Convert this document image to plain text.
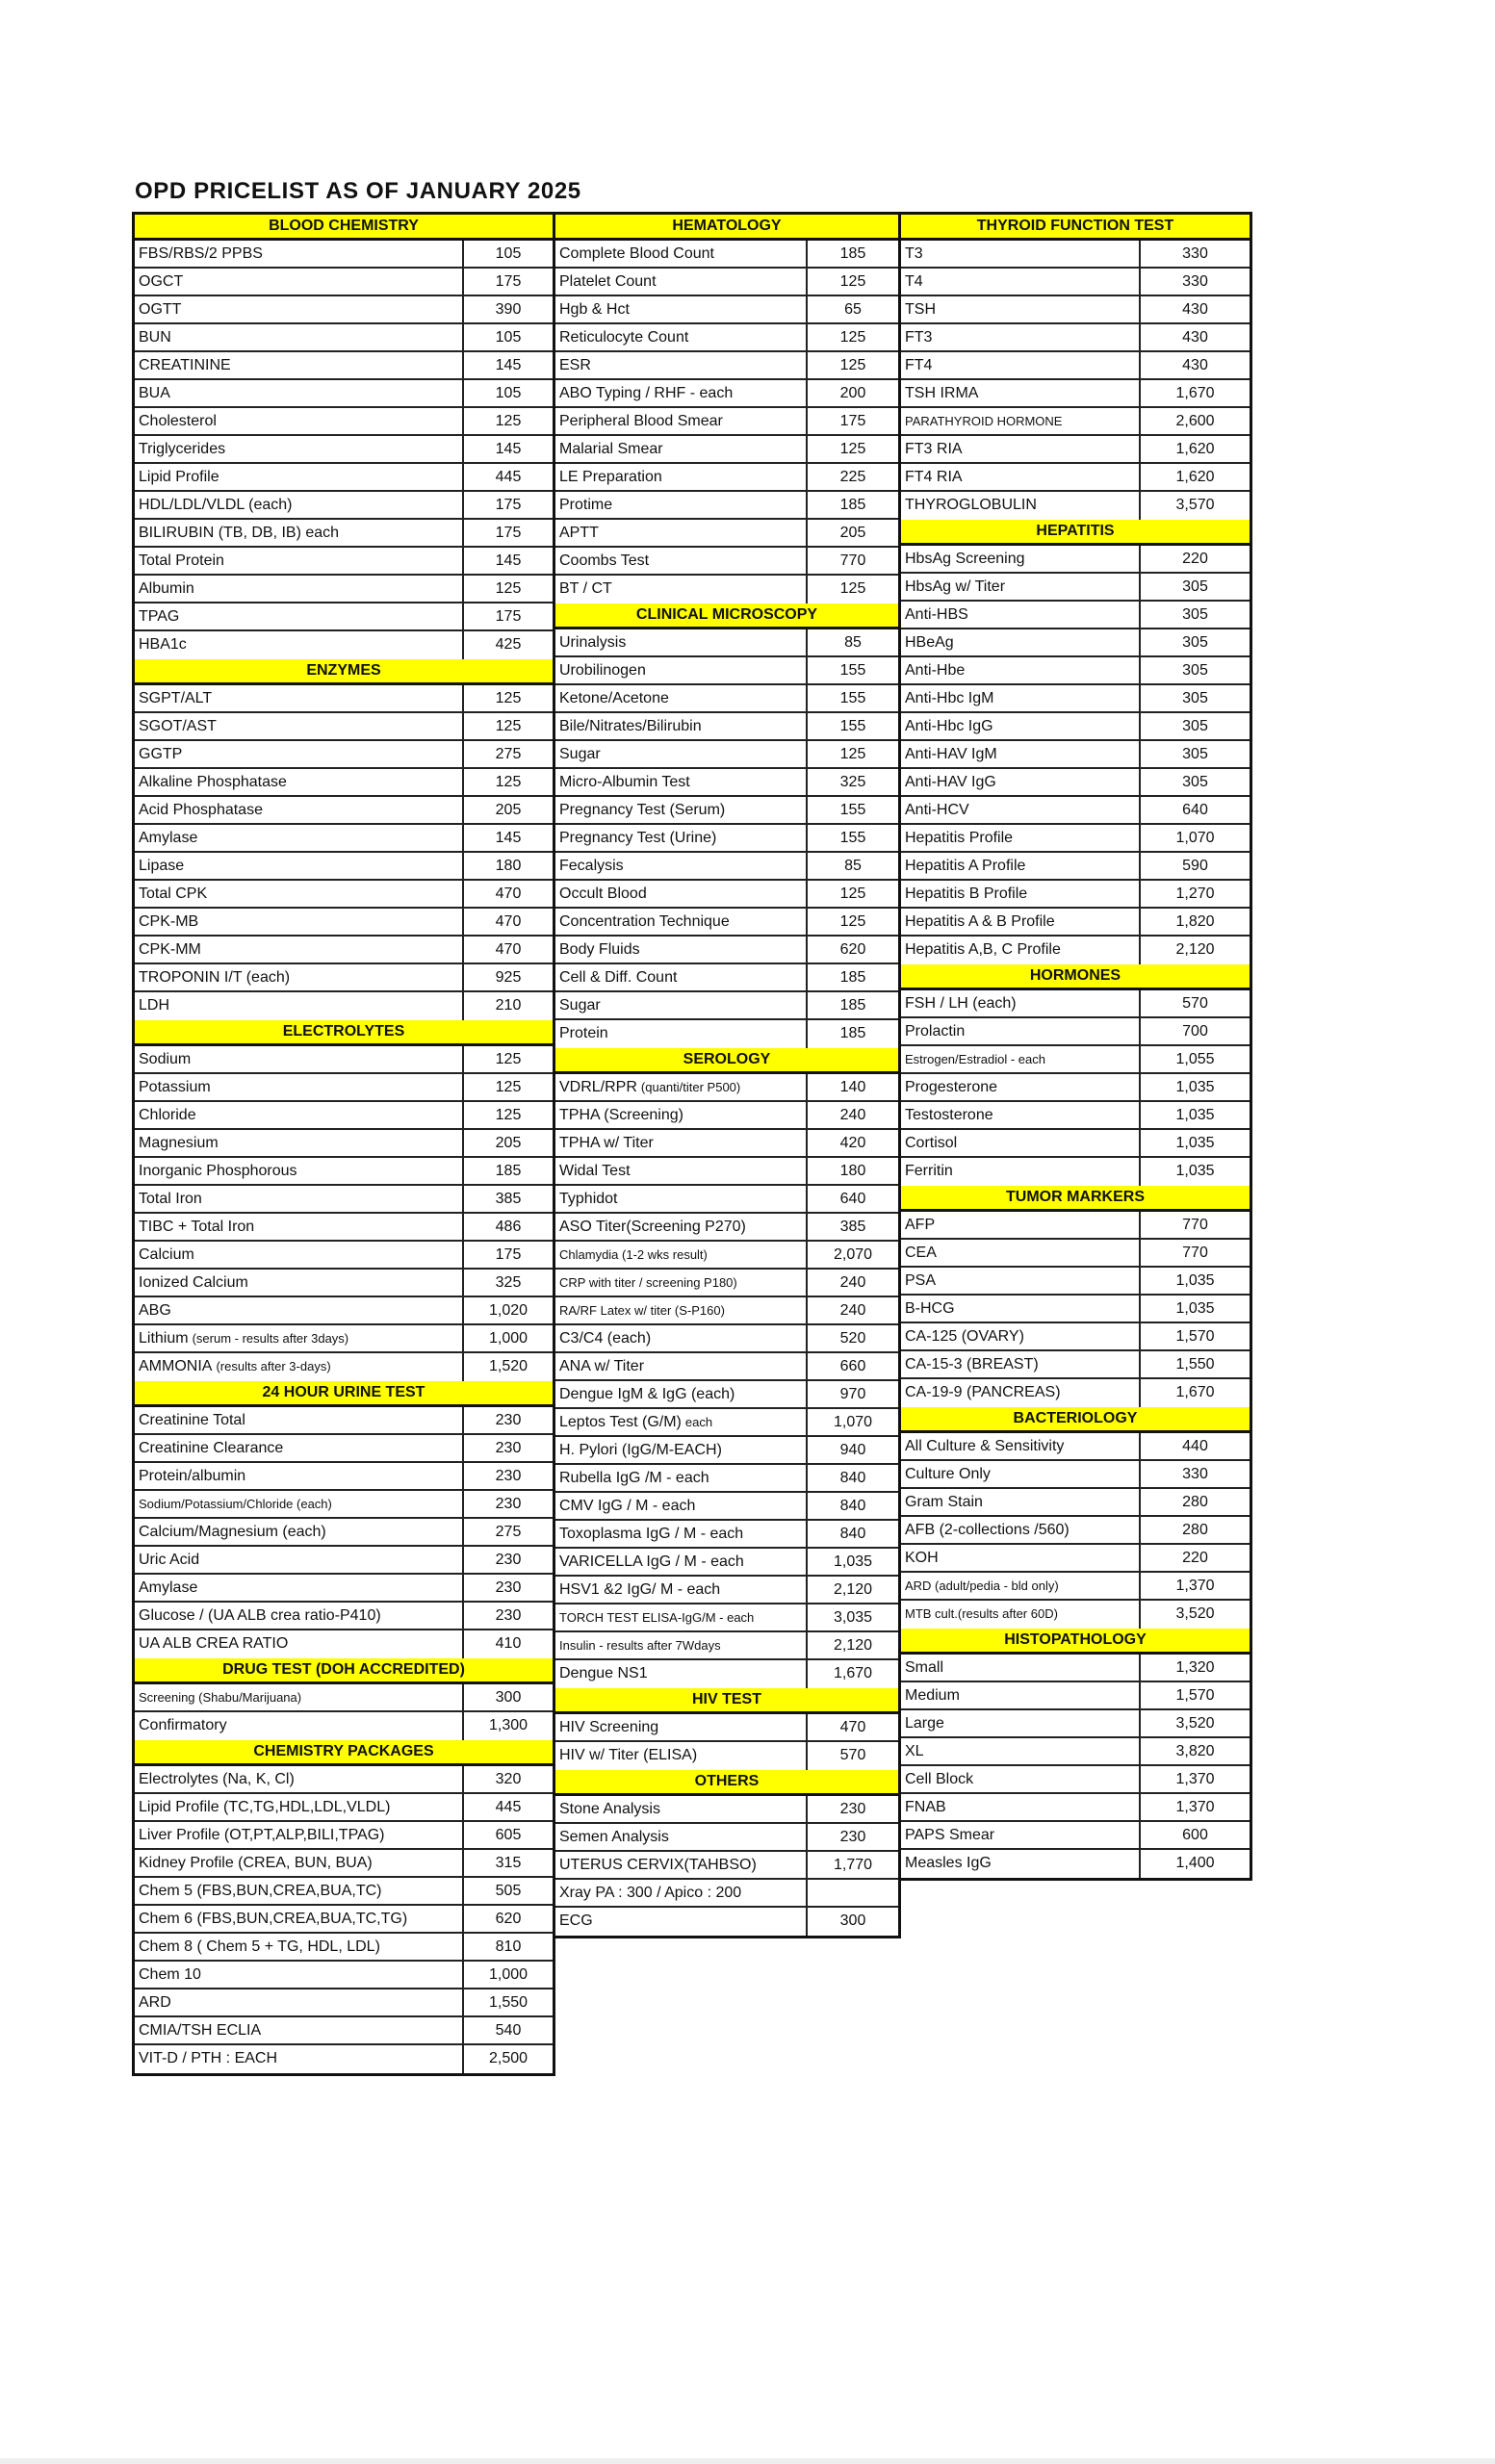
OPD PRICELIST AS OF JANUARY 2025
BLOOD CHEMISTRY
FBS/RBS/2 PPBS	105
OGCT	175
OGTT	390
BUN	105
CREATININE	145
BUA	105
Cholesterol	125
Triglycerides	145
Lipid Profile	445
HDL/LDL/VLDL (each)	175
BILIRUBIN (TB, DB, IB) each	175
Total Protein	145
Albumin	125
TPAG	175
HBA1c	425
ENZYMES
SGPT/ALT	125
SGOT/AST	125
GGTP	275
Alkaline Phosphatase	125
Acid Phosphatase	205
Amylase	145
Lipase	180
Total CPK	470
CPK-MB	470
CPK-MM	470
TROPONIN I/T (each)	925
LDH	210
ELECTROLYTES
Sodium	125
Potassium	125
Chloride	125
Magnesium	205
Inorganic Phosphorous	185
Total Iron	385
TIBC + Total Iron	486
Calcium	175
Ionized Calcium	325
ABG	1,020
Lithium (serum - results after 3days)	1,000
AMMONIA (results after 3-days)	1,520
24 HOUR URINE TEST
Creatinine Total	230
Creatinine Clearance	230
Protein/albumin	230
Sodium/Potassium/Chloride (each)	230
Calcium/Magnesium (each)	275
Uric Acid	230
Amylase	230
Glucose / (UA ALB crea ratio-P410)	230
UA ALB CREA RATIO	410
DRUG TEST (DOH ACCREDITED)
Screening (Shabu/Marijuana)	300
Confirmatory	1,300
CHEMISTRY PACKAGES
Electrolytes (Na, K, Cl)	320
Lipid Profile (TC,TG,HDL,LDL,VLDL)	445
Liver Profile (OT,PT,ALP,BILI,TPAG)	605
Kidney Profile (CREA, BUN, BUA)	315
Chem 5 (FBS,BUN,CREA,BUA,TC)	505
Chem 6 (FBS,BUN,CREA,BUA,TC,TG)	620
Chem 8 ( Chem 5 + TG, HDL, LDL)	810
Chem 10	1,000
ARD	1,550
CMIA/TSH ECLIA	540
VIT-D / PTH : EACH	2,500
HEMATOLOGY
Complete Blood Count	185
Platelet Count	125
Hgb & Hct	65
Reticulocyte Count	125
ESR	125
ABO Typing / RHF - each	200
Peripheral Blood Smear	175
Malarial Smear	125
LE Preparation	225
Protime	185
APTT	205
Coombs Test	770
BT / CT	125
CLINICAL MICROSCOPY
Urinalysis	85
Urobilinogen	155
Ketone/Acetone	155
Bile/Nitrates/Bilirubin	155
Sugar	125
Micro-Albumin Test	325
Pregnancy Test (Serum)	155
Pregnancy Test (Urine)	155
Fecalysis	85
Occult Blood	125
Concentration Technique	125
Body Fluids	620
Cell & Diff. Count	185
Sugar	185
Protein	185
SEROLOGY
VDRL/RPR (quanti/titer P500)	140
TPHA (Screening)	240
TPHA w/ Titer	420
Widal Test	180
Typhidot	640
ASO Titer(Screening P270)	385
Chlamydia (1-2 wks result)	2,070
CRP with titer / screening P180)	240
RA/RF Latex w/ titer (S-P160)	240
C3/C4 (each)	520
ANA w/ Titer	660
Dengue IgM & IgG (each)	970
Leptos Test (G/M) each	1,070
H. Pylori (IgG/M-EACH)	940
Rubella IgG /M - each	840
CMV IgG / M - each	840
Toxoplasma IgG / M - each	840
VARICELLA IgG / M - each	1,035
HSV1 &2 IgG/ M - each	2,120
TORCH TEST ELISA-IgG/M - each	3,035
Insulin - results after 7Wdays	2,120
Dengue NS1	1,670
HIV TEST
HIV Screening	470
HIV w/ Titer (ELISA)	570
OTHERS
Stone Analysis	230
Semen Analysis	230
UTERUS CERVIX(TAHBSO)	1,770
Xray PA : 300 / Apico : 200
ECG	300
THYROID FUNCTION TEST
T3	330
T4	330
TSH	430
FT3	430
FT4	430
TSH IRMA	1,670
PARATHYROID HORMONE	2,600
FT3 RIA	1,620
FT4 RIA	1,620
THYROGLOBULIN	3,570
HEPATITIS
HbsAg Screening	220
HbsAg w/ Titer	305
Anti-HBS	305
HBeAg	305
Anti-Hbe	305
Anti-Hbc IgM	305
Anti-Hbc IgG	305
Anti-HAV IgM	305
Anti-HAV IgG	305
Anti-HCV	640
Hepatitis Profile	1,070
Hepatitis A Profile	590
Hepatitis B Profile	1,270
Hepatitis A & B Profile	1,820
Hepatitis A,B, C Profile	2,120
HORMONES
FSH / LH (each)	570
Prolactin	700
Estrogen/Estradiol - each	1,055
Progesterone	1,035
Testosterone	1,035
Cortisol	1,035
Ferritin	1,035
TUMOR MARKERS
AFP	770
CEA	770
PSA	1,035
B-HCG	1,035
CA-125 (OVARY)	1,570
CA-15-3 (BREAST)	1,550
CA-19-9 (PANCREAS)	1,670
BACTERIOLOGY
All Culture & Sensitivity	440
Culture Only	330
Gram Stain	280
AFB (2-collections /560)	280
KOH	220
ARD (adult/pedia - bld only)	1,370
MTB cult.(results after 60D)	3,520
HISTOPATHOLOGY
Small	1,320
Medium	1,570
Large	3,520
XL	3,820
Cell Block	1,370
FNAB	1,370
PAPS Smear	600
Measles IgG	1,400
